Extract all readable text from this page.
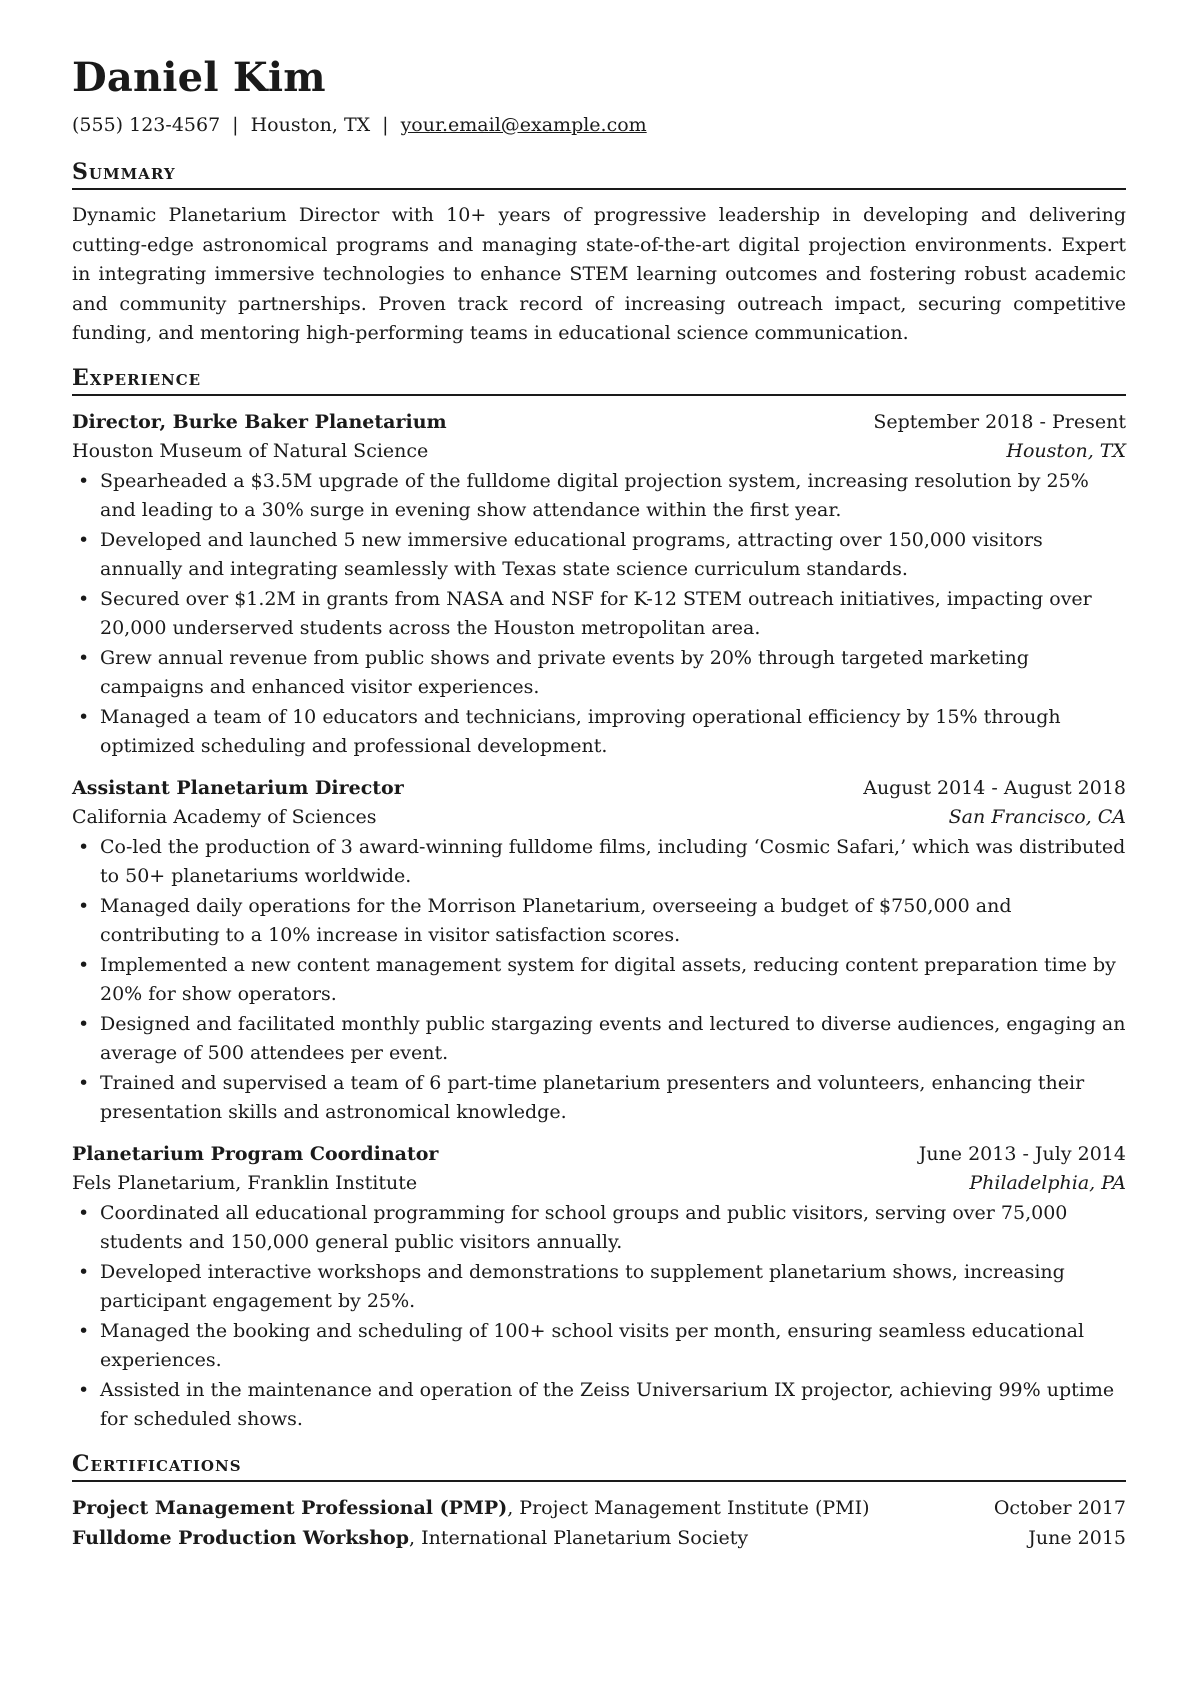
Daniel Kim
(555) 123-4567 | Houston, TX | your.email@example.com
Summary
Dynamic Planetarium Director with 10+ years of progressive leadership in developing and delivering cutting-edge astronomical programs and managing state-of-the-art digital projection environments. Expert in integrating immersive technologies to enhance STEM learning outcomes and fostering robust academic and community partnerships. Proven track record of increasing outreach impact, securing competitive funding, and mentoring high-performing teams in educational science communication.
Experience
Director, Burke Baker Planetarium	September 2018 - Present
Houston Museum of Natural Science	Houston, TX
• Spearheaded a $3.5M upgrade of the fulldome digital projection system, increasing resolution by 25% and leading to a 30% surge in evening show attendance within the first year.
• Developed and launched 5 new immersive educational programs, attracting over 150,000 visitors annually and integrating seamlessly with Texas state science curriculum standards.
• Secured over $1.2M in grants from NASA and NSF for K-12 STEM outreach initiatives, impacting over 20,000 underserved students across the Houston metropolitan area.
• Grew annual revenue from public shows and private events by 20% through targeted marketing campaigns and enhanced visitor experiences.
• Managed a team of 10 educators and technicians, improving operational efficiency by 15% through optimized scheduling and professional development.
Assistant Planetarium Director	August 2014 - August 2018
California Academy of Sciences	San Francisco, CA
• Co-led the production of 3 award-winning fulldome films, including ‘Cosmic Safari,’ which was distributed to 50+ planetariums worldwide.
• Managed daily operations for the Morrison Planetarium, overseeing a budget of $750,000 and contributing to a 10% increase in visitor satisfaction scores.
• Implemented a new content management system for digital assets, reducing content preparation time by 20% for show operators.
• Designed and facilitated monthly public stargazing events and lectured to diverse audiences, engaging an average of 500 attendees per event.
• Trained and supervised a team of 6 part-time planetarium presenters and volunteers, enhancing their presentation skills and astronomical knowledge.
Planetarium Program Coordinator	June 2013 - July 2014
Fels Planetarium, Franklin Institute	Philadelphia, PA
• Coordinated all educational programming for school groups and public visitors, serving over 75,000 students and 150,000 general public visitors annually.
• Developed interactive workshops and demonstrations to supplement planetarium shows, increasing participant engagement by 25%.
• Managed the booking and scheduling of 100+ school visits per month, ensuring seamless educational experiences.
• Assisted in the maintenance and operation of the Zeiss Universarium IX projector, achieving 99% uptime for scheduled shows.
Certifications
Project Management Professional (PMP), Project Management Institute (PMI)	October 2017
Fulldome Production Workshop, International Planetarium Society	June 2015
